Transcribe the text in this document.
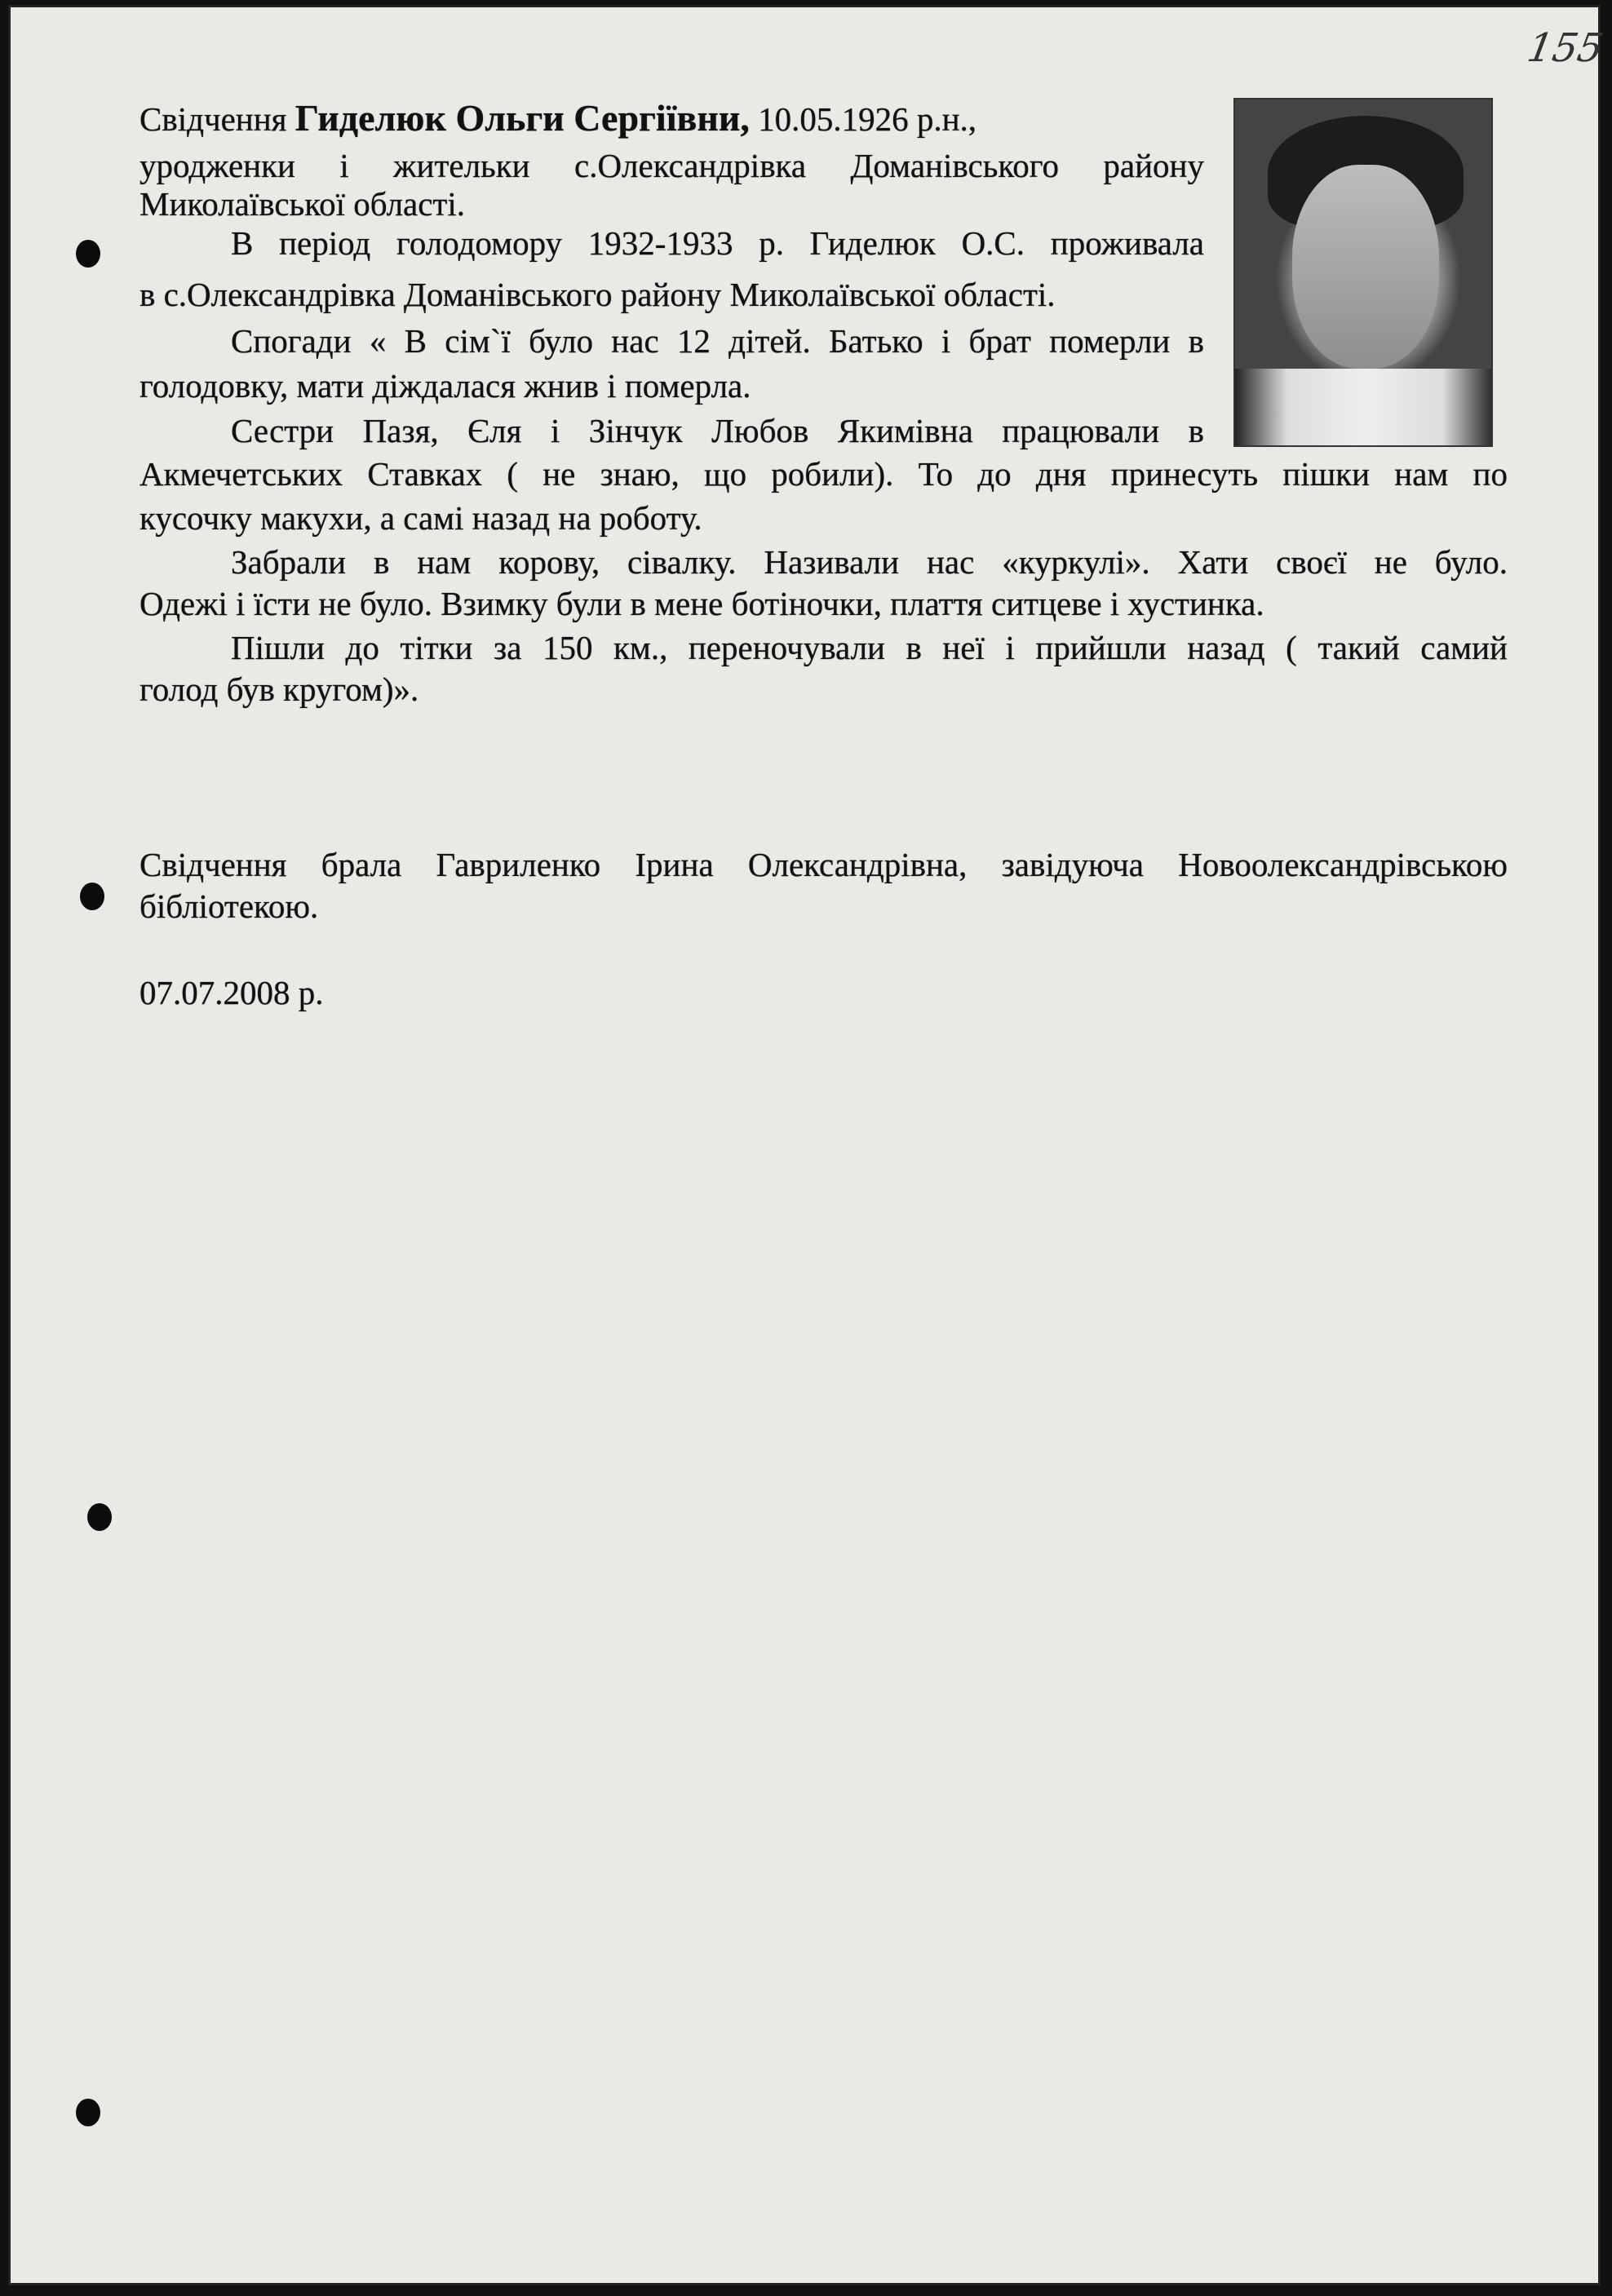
155
Свідчення Гиделюк Ольги Сергіївни, 10.05.1926 р.н.,
уродженки і жительки с.Олександрівка Доманівського району
Миколаївської області.
В період голодомору 1932-1933 р. Гиделюк О.С. проживала
в с.Олександрівка Доманівського району Миколаївської області.
Спогади « В сім`ї було нас 12 дітей. Батько і брат померли в
голодовку, мати діждалася жнив і померла.
Сестри Пазя, Єля і Зінчук Любов Якимівна працювали в
Акмечетських Ставках ( не знаю, що робили). То до дня принесуть пішки нам по
кусочку макухи, а самі назад на роботу.
Забрали в нам корову, сівалку. Називали нас «куркулі». Хати своєї не було.
Одежі і їсти не було. Взимку були в мене ботіночки, плаття ситцеве і хустинка.
Пішли до тітки за 150 км., переночували в неї і прийшли назад ( такий самий
голод був кругом)».
Свідчення брала Гавриленко Ірина Олександрівна, завідуюча Новоолександрівською
бібліотекою.
07.07.2008 р.
